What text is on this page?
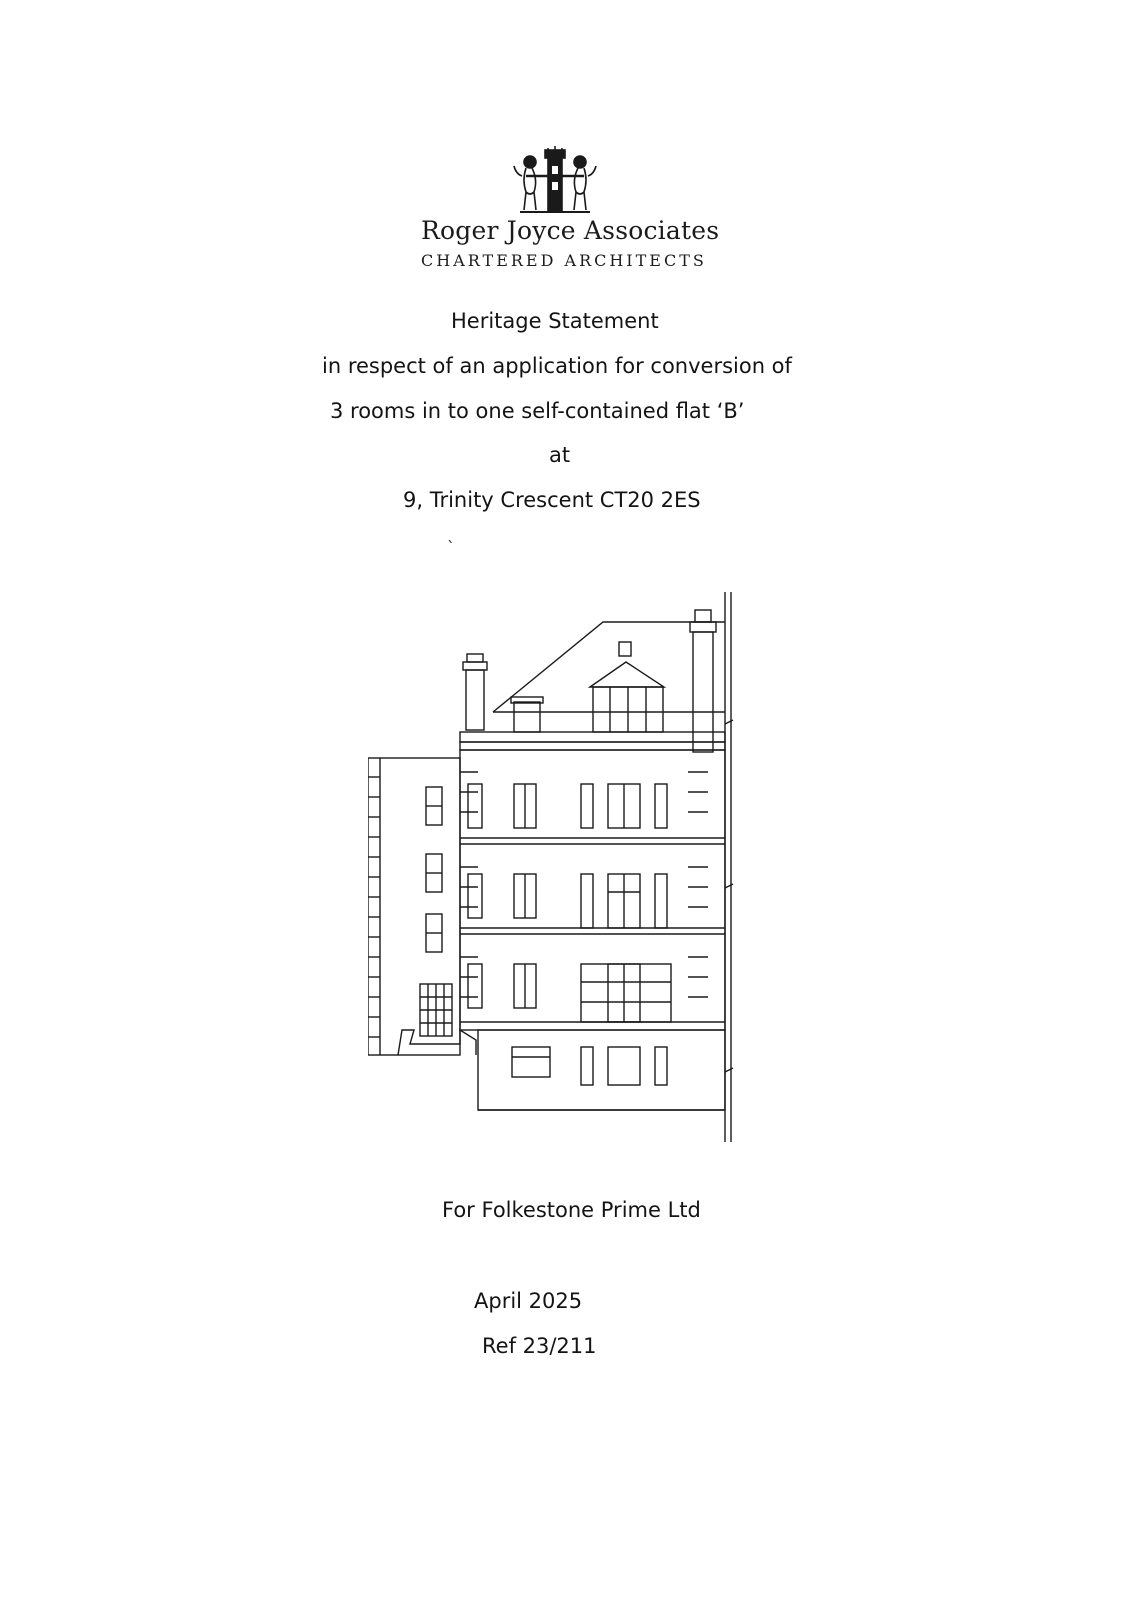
Roger Joyce Associates
CHARTERED ARCHITECTS
Heritage Statement
in respect of an application for conversion of
3 rooms in to one self-contained flat ‘B’
at
9, Trinity Crescent CT20 2ES
`
For Folkestone Prime Ltd
April 2025
Ref 23/211
